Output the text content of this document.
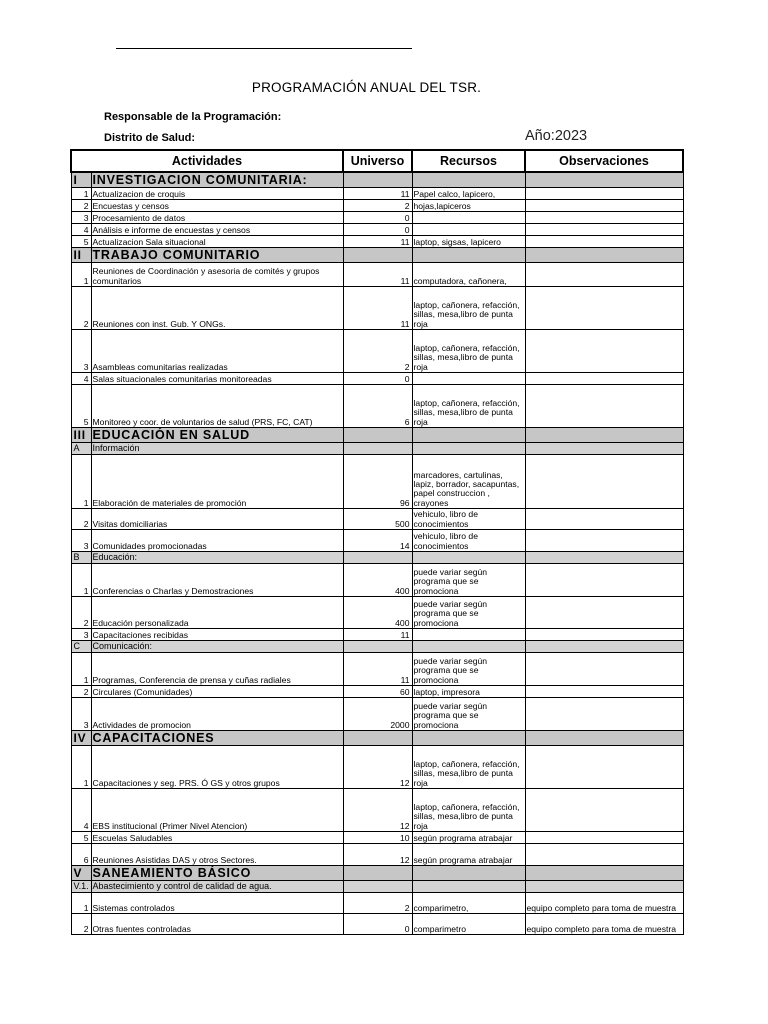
PROGRAMACIÓN ANUAL DEL TSR.
Responsable de la Programación:
Distrito de Salud:	Año:2023
Actividades		Universo	Recursos	Observaciones
I	INVESTIGACION COMUNITARIA:			
1	Actualizacion de croquis	11	Papel calco, lapicero,	
2	Encuestas y censos	2	hojas,lapiceros	
3	Procesamiento de datos	0		
4	Análisis e informe de encuestas y censos	0		
5	Actualizacion Sala situacional	11	laptop, sigsas, lapicero	
II	TRABAJO COMUNITARIO			
1	Reuniones de Coordinación y asesoria de comités y grupos comunitarios	11	computadora, cañonera,	
2	Reuniones con inst. Gub. Y ONGs.	11	laptop, cañonera, refacción, sillas, mesa,libro de punta roja	
3	Asambleas comunitarias realizadas	2	laptop, cañonera, refacción, sillas, mesa,libro de punta roja	
4	Salas situacionales comunitarias monitoreadas	0		
5	Monitoreo y coor. de voluntarios de salud (PRS, FC, CAT)	6	laptop, cañonera, refacción, sillas, mesa,libro de punta roja	
III	EDUCACIÓN EN SALUD			
A	Información			
1	Elaboración de materiales de promoción	96	marcadores, cartulinas, lapiz, borrador, sacapuntas, papel construccion , crayones	
2	Visitas domiciliarias	500	vehiculo, libro de conocimientos	
3	Comunidades promocionadas	14	vehiculo, libro de conocimientos	
B	Educación:			
1	Conferencias o Charlas y Demostraciones	400	puede variar según programa que se promociona	
2	Educación personalizada	400	puede variar según programa que se promociona	
3	Capacitaciones recibidas	11		
C	Comunicación:			
1	Programas, Conferencia de prensa y cuñas radiales	11	puede variar según programa que se promociona	
2	Circulares (Comunidades)	60	laptop, impresora	
3	Actividades de promocion	2000	puede variar según programa que se promociona	
IV	CAPACITACIONES			
1	Capacitaciones y seg. PRS. Ó GS y otros grupos	12	laptop, cañonera, refacción, sillas, mesa,libro de punta roja	
4	EBS institucional (Primer Nivel Atencion)	12	laptop, cañonera, refacción, sillas, mesa,libro de punta roja	
5	Escuelas Saludables	10	según programa atrabajar	
6	Reuniones Asistidas DAS y otros Sectores.	12	según programa atrabajar	
V	SANEAMIENTO BÁSICO			
V.1.	Abastecimiento y control de calidad de agua.			
1	Sistemas controlados	2	comparimetro,	equipo completo para toma de muestra
2	Otras fuentes controladas	0	comparimetro	equipo completo para toma de muestra
